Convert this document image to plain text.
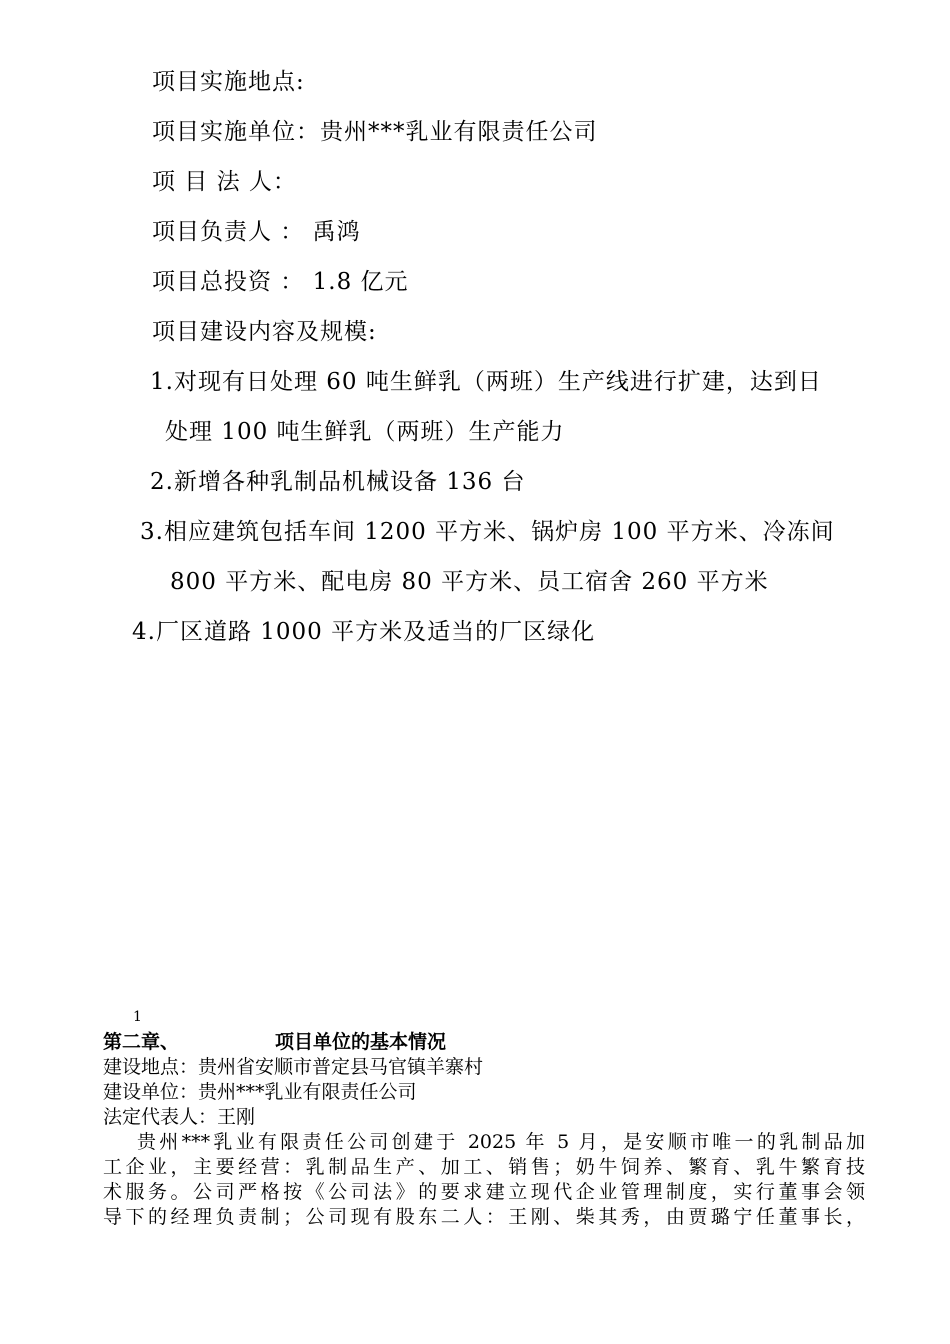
项目实施地点:
项目实施单位：贵州***乳业有限责任公司
项 目 法 人：
项目负责人 ： 禹鸿
项目总投资 ： 1.8 亿元
项目建设内容及规模:
1.对现有日处理 60 吨生鲜乳（两班）生产线进行扩建，达到日
处理 100 吨生鲜乳（两班）生产能力
2.新增各种乳制品机械设备 136 台
3.相应建筑包括车间 1200 平方米、锅炉房 100 平方米、冷冻间
800 平方米、配电房 80 平方米、员工宿舍 260 平方米
4.厂区道路 1000 平方米及适当的厂区绿化
1
第二章、	项目单位的基本情况
建设地点：贵州省安顺市普定县马官镇羊寨村
建设单位：贵州***乳业有限责任公司
法定代表人：王刚
贵州***乳业有限责任公司创建于 2025 年 5 月，是安顺市唯一的乳制品加
工企业，主要经营：乳制品生产、加工、销售；奶牛饲养、繁育、乳牛繁育技
术服务。公司严格按《公司法》的要求建立现代企业管理制度，实行董事会领
导下的经理负责制；公司现有股东二人：王刚、柴其秀，由贾璐宁任董事长，
